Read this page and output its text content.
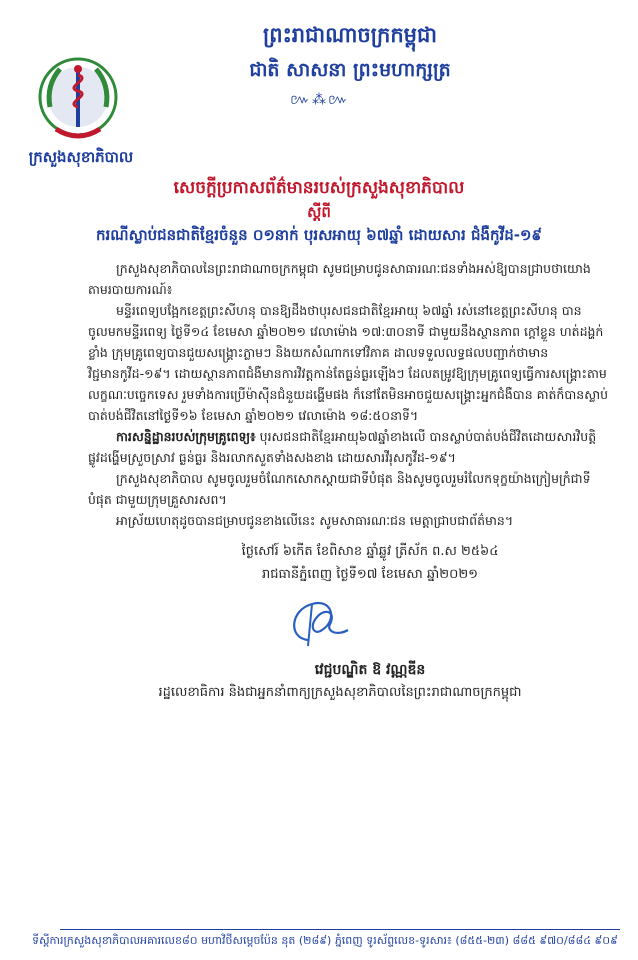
ព្រះរាជាណាចក្រកម្ពុជា
ជាតិ សាសនា ព្រះមហាក្សត្រ
៚⁂៚
ក្រសួងសុខាភិបាល
សេចក្តីប្រកាសព័ត៌មានរបស់ក្រសួងសុខាភិបាល
ស្តីពី
ករណីស្លាប់ជនជាតិខ្មែរចំនួន ០១នាក់ បុរសអាយុ ៦៧ឆ្នាំ ដោយសារ ជំងឺកូវីដ-១៩

ក្រសួងសុខាភិបាលនៃព្រះរាជាណាចក្រកម្ពុជា សូមជម្រាបជូនសាធារណៈជនទាំងអស់ឱ្យបានជ្រាបថាយោងតាមរបាយការណ៍៖

មន្ទីរពេទ្យបង្អែកខេត្តព្រះសីហនុ បានឱ្យដឹងថាបុរសជនជាតិខ្មែរអាយុ ៦៧ឆ្នាំ រស់នៅខេត្តព្រះសីហនុ បានចូលមកមន្ទីរពេទ្យ ថ្ងៃទី១៤ ខែមេសា ឆ្នាំ២០២១ វេលាម៉ោង ១៧:៣០នាទី ជាមួយនឹងស្ថានភាព ក្តៅខ្លួន ហត់ដង្ហក់ខ្លាំង ក្រុមគ្រូពេទ្យបានជួយសង្គ្រោះភ្លាមៗ និងយកសំណាកទៅវិភាគ ដាលទទួលលទ្ធផលបញ្ជាក់ថាមាន វិជ្ជមានកូវីដ-១៩។ ដោយស្ថានភាពជំងឺមានការវិវត្តកាន់តែធ្ងន់ធ្ងរឡើងៗ ដែលតម្រូវឱ្យក្រុមគ្រូពេទ្យធ្វើការសង្គ្រោះតាមលក្ខណៈបច្ចេកទេស រួមទាំងការប្រើម៉ាស៊ីនជំនួយដង្ហើមផង ក៏នៅតែមិនអាចជួយសង្គ្រោះអ្នកជំងឺបាន គាត់ក៏បានស្លាប់បាត់បង់ជីវិតនៅថ្ងៃទី១៦ ខែមេសា ឆ្នាំ២០២១ វេលាម៉ោង ១៨:៥០នាទី។

ការសន្និដ្ឋានរបស់ក្រុមគ្រូពេទ្យ៖ បុរសជនជាតិខ្មែរអាយុ៦៧ឆ្នាំខាងលើ បានស្លាប់បាត់បង់ជីវិតដោយសារវិបត្តិផ្លូវដង្ហើមស្រួចស្រាវ ធ្ងន់ធ្ងរ និងរលាកសួតទាំងសងខាង ដោយសារវីរុសកូវីដ-១៩។

ក្រសួងសុខាភិបាល សូមចូលរួមចំណែកសោកស្តាយជាទីបំផុត និងសូមចូលរួមរំលែកទុក្ខយ៉ាងក្រៀមក្រំជាទីបំផុត ជាមួយក្រុមគ្រួសារសព។

អាស្រ័យហេតុដូចបានជម្រាបជូនខាងលើនេះ សូមសាធារណៈជន មេត្តាជ្រាបជាព័ត៌មាន។

ថ្ងៃសៅរ៍ ៦កើត ខែពិសាខ ឆ្នាំឆ្លូវ ត្រីស័ក ព.ស ២៥៦៤
រាជធានីភ្នំពេញ ថ្ងៃទី១៧ ខែមេសា ឆ្នាំ២០២១
វេជ្ជបណ្ឌិត ឱ វណ្ណឌីន
រដ្ឋលេខាធិការ និងជាអ្នកនាំពាក្យក្រសួងសុខាភិបាលនៃព្រះរាជាណាចក្រកម្ពុជា
ទីស្តីការក្រសួងសុខាភិបាលអគារលេខ៨០ មហាវិថីសម្តេចប៉ែន នុត (២៨៩) ភ្នំពេញ ទូរស័ព្ទលេខ-ទូរសារ៖ (៨៥៥-២៣) ៨៨៥ ៩៧០/៨៨៤ ៩០៩
